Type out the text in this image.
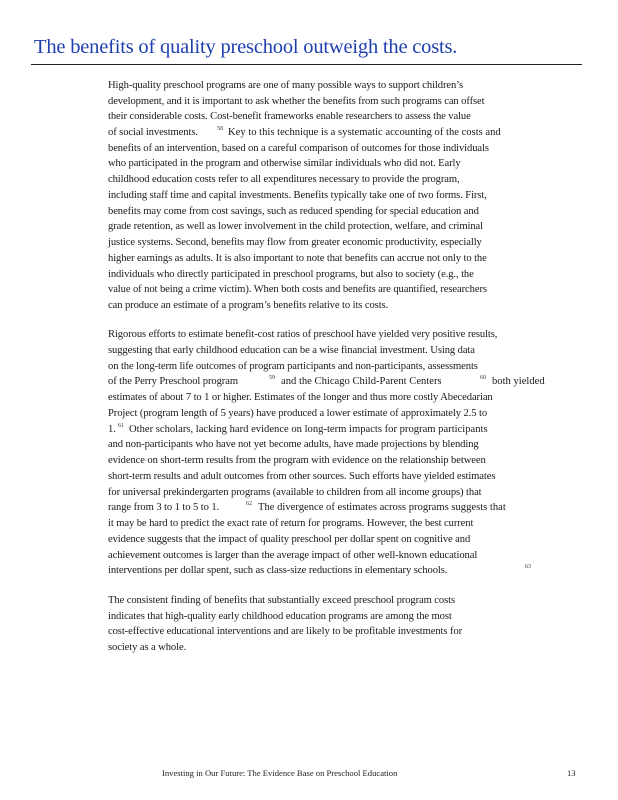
The benefits of quality preschool outweigh the costs.
High-quality preschool programs are one of many possible ways to support children’s
development, and it is important to ask whether the benefits from such programs can offset
their considerable costs. Cost-benefit frameworks enable researchers to assess the value
of social investments.	58 Key to this technique is a systematic accounting of the costs and
benefits of an intervention, based on a careful comparison of outcomes for those individuals
who participated in the program and otherwise similar individuals who did not. Early
childhood education costs refer to all expenditures necessary to provide the program,
including staff time and capital investments. Benefits typically take one of two forms. First,
benefits may come from cost savings, such as reduced spending for special education and
grade retention, as well as lower involvement in the child protection, welfare, and criminal
justice systems. Second, benefits may flow from greater economic productivity, especially
higher earnings as adults. It is also important to note that benefits can accrue not only to the
individuals who directly participated in preschool programs, but also to society (e.g., the
value of not being a crime victim). When both costs and benefits are quantified, researchers
can produce an estimate of a program’s benefits relative to its costs.
Rigorous efforts to estimate benefit-cost ratios of preschool have yielded very positive results,
suggesting that early childhood education can be a wise financial investment. Using data
on the long-term life outcomes of program participants and non-participants, assessments
of the Perry Preschool program	59 and the Chicago Child-Parent Centers	60 both yielded
estimates of about 7 to 1 or higher. Estimates of the longer and thus more costly Abecedarian
Project (program length of 5 years) have produced a lower estimate of approximately 2.5 to
1. 61 Other scholars, lacking hard evidence on long-term impacts for program participants
and non-participants who have not yet become adults, have made projections by blending
evidence on short-term results from the program with evidence on the relationship between
short-term results and adult outcomes from other sources. Such efforts have yielded estimates
for universal prekindergarten programs (available to children from all income groups) that
range from 3 to 1 to 5 to 1.	62 The divergence of estimates across programs suggests that
it may be hard to predict the exact rate of return for programs. However, the best current
evidence suggests that the impact of quality preschool per dollar spent on cognitive and
achievement outcomes is larger than the average impact of other well-known educational
interventions per dollar spent, such as class-size reductions in elementary schools.	63
The consistent finding of benefits that substantially exceed preschool program costs
indicates that high-quality early childhood education programs are among the most
cost-effective educational interventions and are likely to be profitable investments for
society as a whole.
Investing in Our Future: The Evidence Base on Preschool Education	13
